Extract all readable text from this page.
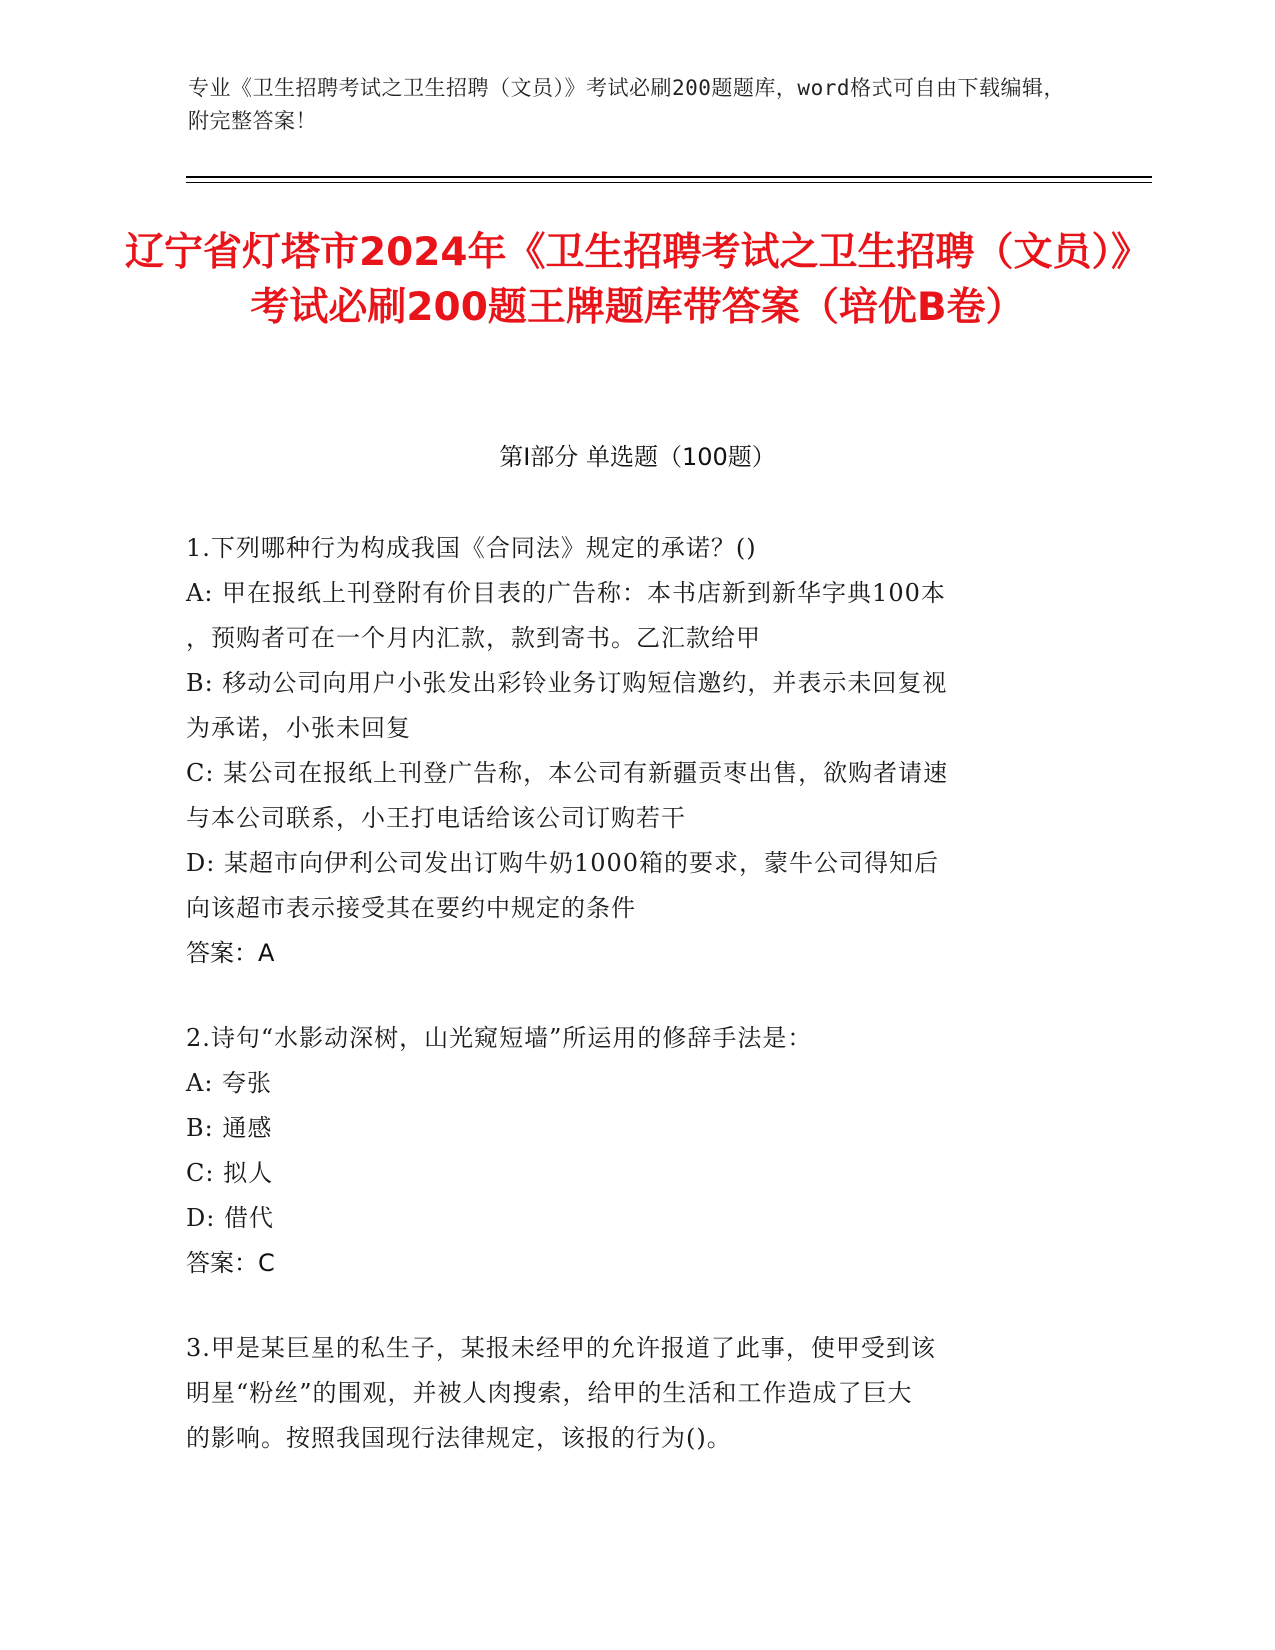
专业《卫生招聘考试之卫生招聘（文员）》考试必刷200题题库，word格式可自由下载编辑，附完整答案！
辽宁省灯塔市2024年《卫生招聘考试之卫生招聘（文员）》考试必刷200题王牌题库带答案（培优B卷）
第Ⅰ部分 单选题（100题）
1.下列哪种行为构成我国《合同法》规定的承诺？()
A: 甲在报纸上刊登附有价目表的广告称：本书店新到新华字典100本
，预购者可在一个月内汇款，款到寄书。乙汇款给甲
B: 移动公司向用户小张发出彩铃业务订购短信邀约，并表示未回复视
为承诺，小张未回复
C: 某公司在报纸上刊登广告称，本公司有新疆贡枣出售，欲购者请速
与本公司联系，小王打电话给该公司订购若干
D: 某超市向伊利公司发出订购牛奶1000箱的要求，蒙牛公司得知后
向该超市表示接受其在要约中规定的条件
答案：A
2.诗句“水影动深树，山光窥短墙”所运用的修辞手法是：
A: 夸张
B: 通感
C: 拟人
D: 借代
答案：C
3.甲是某巨星的私生子，某报未经甲的允许报道了此事，使甲受到该
明星“粉丝”的围观，并被人肉搜索，给甲的生活和工作造成了巨大
的影响。按照我国现行法律规定，该报的行为()。
